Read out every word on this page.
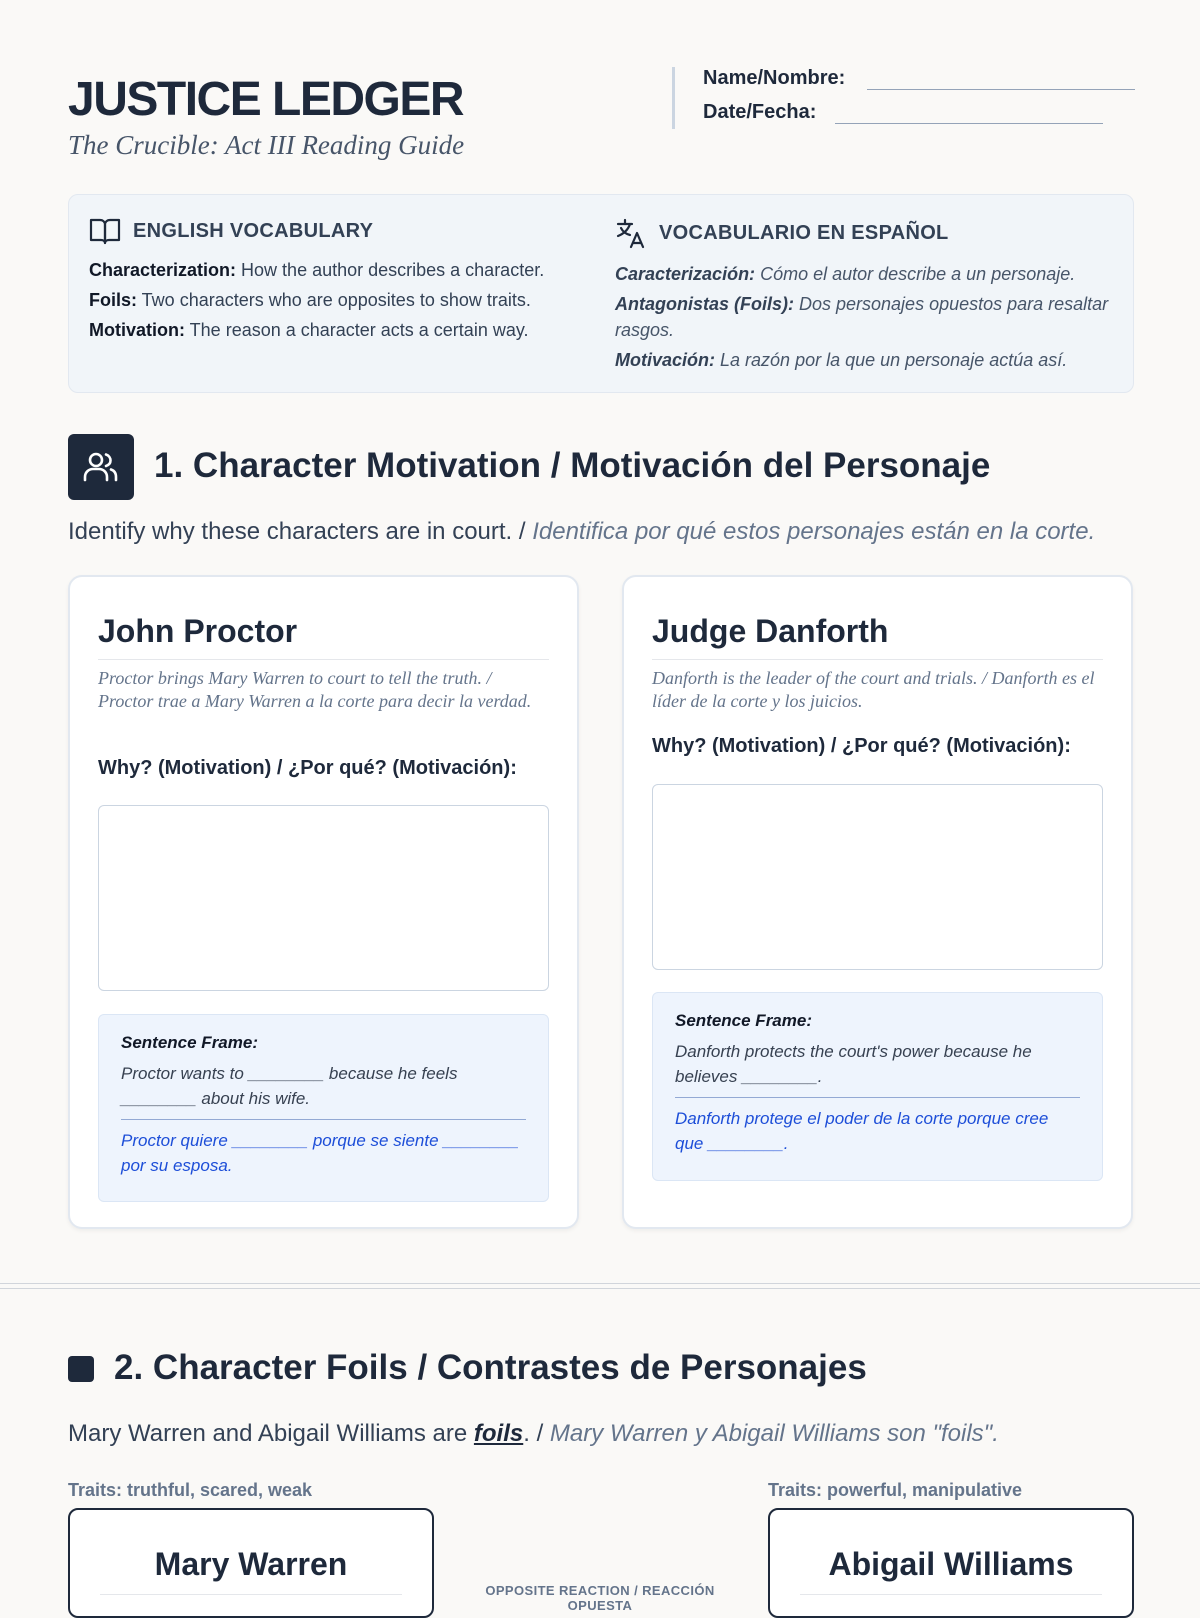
JUSTICE LEDGER
The Crucible: Act III Reading Guide
Name/Nombre:
Date/Fecha:
ENGLISH VOCABULARY
Characterization: How the author describes a character.
Foils: Two characters who are opposites to show traits.
Motivation: The reason a character acts a certain way.
VOCABULARIO EN ESPAÑOL
Caracterización: Cómo el autor describe a un personaje.
Antagonistas (Foils): Dos personajes opuestos para resaltar rasgos.
Motivación: La razón por la que un personaje actúa así.
1. Character Motivation / Motivación del Personaje
Identify why these characters are in court. / Identifica por qué estos personajes están en la corte.
John Proctor
Proctor brings Mary Warren to court to tell the truth. / Proctor trae a Mary Warren a la corte para decir la verdad.
Why? (Motivation) / ¿Por qué? (Motivación):
Sentence Frame:
Proctor wants to ________ because he feels ________ about his wife.
Proctor quiere ________ porque se siente ________ por su esposa.
Judge Danforth
Danforth is the leader of the court and trials. / Danforth es el líder de la corte y los juicios.
Why? (Motivation) / ¿Por qué? (Motivación):
Sentence Frame:
Danforth protects the court's power because he believes ________.
Danforth protege el poder de la corte porque cree que ________.
2. Character Foils / Contrastes de Personajes
Mary Warren and Abigail Williams are foils. / Mary Warren y Abigail Williams son "foils".
Traits: truthful, scared, weak	Traits: powerful, manipulative
Mary Warren	Abigail Williams
OPPOSITE REACTION / REACCIÓN OPUESTA
